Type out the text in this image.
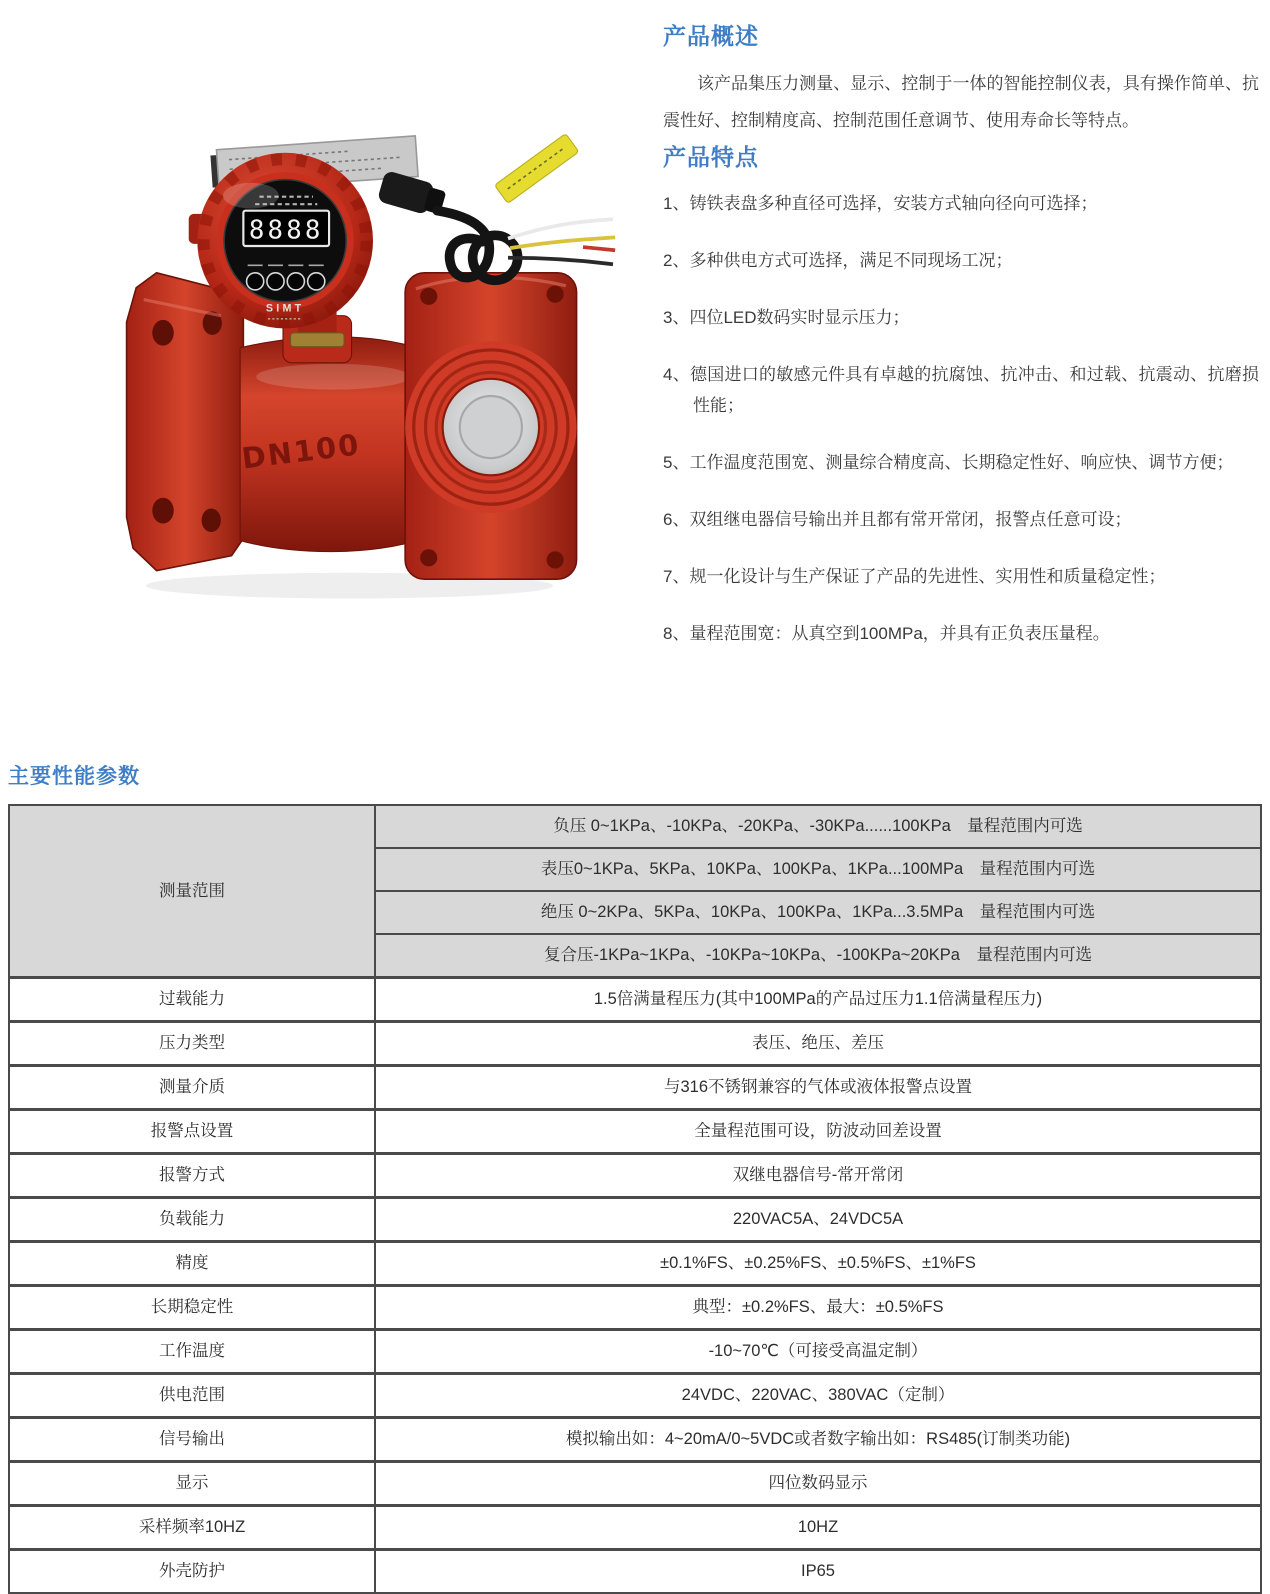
DN100
8888
SIMT
产品概述

该产品集压力测量、显示、控制于一体的智能控制仪表，具有操作简单、抗震性好、控制精度高、控制范围任意调节、使用寿命长等特点。

产品特点
1、铸铁表盘多种直径可选择，安装方式轴向径向可选择；
2、多种供电方式可选择，满足不同现场工况；
3、四位LED数码实时显示压力；
4、德国进口的敏感元件具有卓越的抗腐蚀、抗冲击、和过载、抗震动、抗磨损性能；
5、工作温度范围宽、测量综合精度高、长期稳定性好、响应快、调节方便；
6、双组继电器信号输出并且都有常开常闭，报警点任意可设；
7、规一化设计与生产保证了产品的先进性、实用性和质量稳定性；
8、量程范围宽：从真空到100MPa，并具有正负表压量程。
主要性能参数
测量范围	负压 0~1KPa、-10KPa、-20KPa、-30KPa......100KPa　量程范围内可选
	表压0~1KPa、5KPa、10KPa、100KPa、1KPa...100MPa　量程范围内可选
	绝压 0~2KPa、5KPa、10KPa、100KPa、1KPa...3.5MPa　量程范围内可选
	复合压-1KPa~1KPa、-10KPa~10KPa、-100KPa~20KPa　量程范围内可选
过载能力	1.5倍满量程压力(其中100MPa的产品过压力1.1倍满量程压力)
压力类型	表压、绝压、差压
测量介质	与316不锈钢兼容的气体或液体报警点设置
报警点设置	全量程范围可设，防波动回差设置
报警方式	双继电器信号-常开常闭
负载能力	220VAC5A、24VDC5A
精度	±0.1%FS、±0.25%FS、±0.5%FS、±1%FS
长期稳定性	典型：±0.2%FS、最大：±0.5%FS
工作温度	-10~70℃（可接受高温定制）
供电范围	24VDC、220VAC、380VAC（定制）
信号输出	模拟输出如：4~20mA/0~5VDC或者数字输出如：RS485(订制类功能)
显示	四位数码显示
采样频率10HZ	10HZ
外壳防护	IP65
